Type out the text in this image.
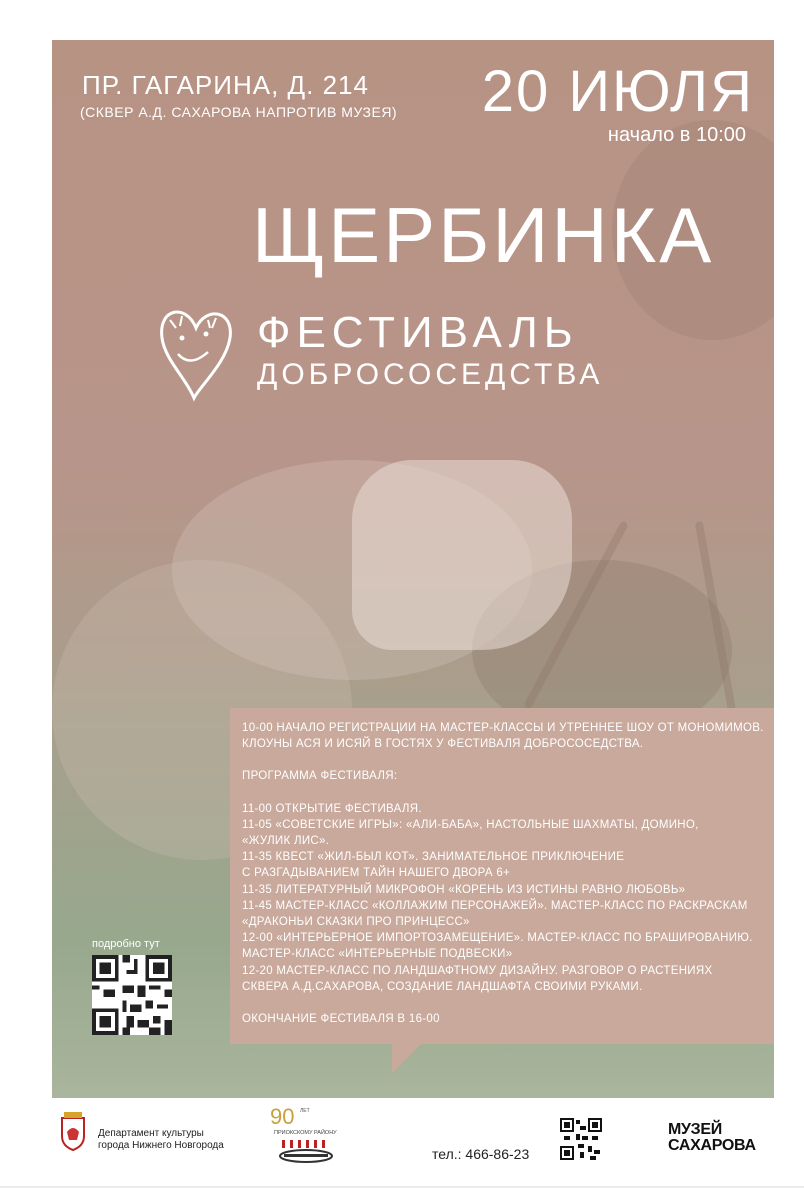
ПР. ГАГАРИНА, Д. 214
(СКВЕР А.Д. САХАРОВА НАПРОТИВ МУЗЕЯ) 20 ИЮЛЯ
начало в 10:00
ЩЕРБИНКА
ФЕСТИВАЛЬ
ДОБРОСОСЕДСТВА
подробно тут
10-00 НАЧАЛО РЕГИСТРАЦИИ НА МАСТЕР-КЛАССЫ И УТРЕННЕЕ ШОУ ОТ МОНОМИМОВ.
КЛОУНЫ АСЯ И ИСЯЙ В ГОСТЯХ У ФЕСТИВАЛЯ ДОБРОСОСЕДСТВА.
ПРОГРАММА ФЕСТИВАЛЯ:
11-00 ОТКРЫТИЕ ФЕСТИВАЛЯ.
11-05 «СОВЕТСКИЕ ИГРЫ»: «АЛИ-БАБА», НАСТОЛЬНЫЕ ШАХМАТЫ, ДОМИНО,
«ЖУЛИК ЛИС».
11-35 КВЕСТ «ЖИЛ-БЫЛ КОТ». ЗАНИМАТЕЛЬНОЕ ПРИКЛЮЧЕНИЕ
С РАЗГАДЫВАНИЕМ ТАЙН НАШЕГО ДВОРА 6+
11-35 ЛИТЕРАТУРНЫЙ МИКРОФОН «КОРЕНЬ ИЗ ИСТИНЫ РАВНО ЛЮБОВЬ»
11-45 МАСТЕР-КЛАСС «КОЛЛАЖИМ ПЕРСОНАЖЕЙ». МАСТЕР-КЛАСС ПО РАСКРАСКАМ
«ДРАКОНЬИ СКАЗКИ ПРО ПРИНЦЕСС»
12-00 «ИНТЕРЬЕРНОЕ ИМПОРТОЗАМЕЩЕНИЕ». МАСТЕР-КЛАСС ПО БРАШИРОВАНИЮ.
МАСТЕР-КЛАСС «ИНТЕРЬЕРНЫЕ ПОДВЕСКИ»
12-20 МАСТЕР-КЛАСС ПО ЛАНДШАФТНОМУ ДИЗАЙНУ. РАЗГОВОР О РАСТЕНИЯХ
СКВЕРА А.Д.САХАРОВА, СОЗДАНИЕ ЛАНДШАФТА СВОИМИ РУКАМИ.
ОКОНЧАНИЕ ФЕСТИВАЛЯ В 16-00
Департамент культуры
города Нижнего Новгорода
90 ЛЕТ
ПРИОКСКОМУ РАЙОНУ
тел.: 466-86-23
МУЗЕЙ
САХАРОВА
